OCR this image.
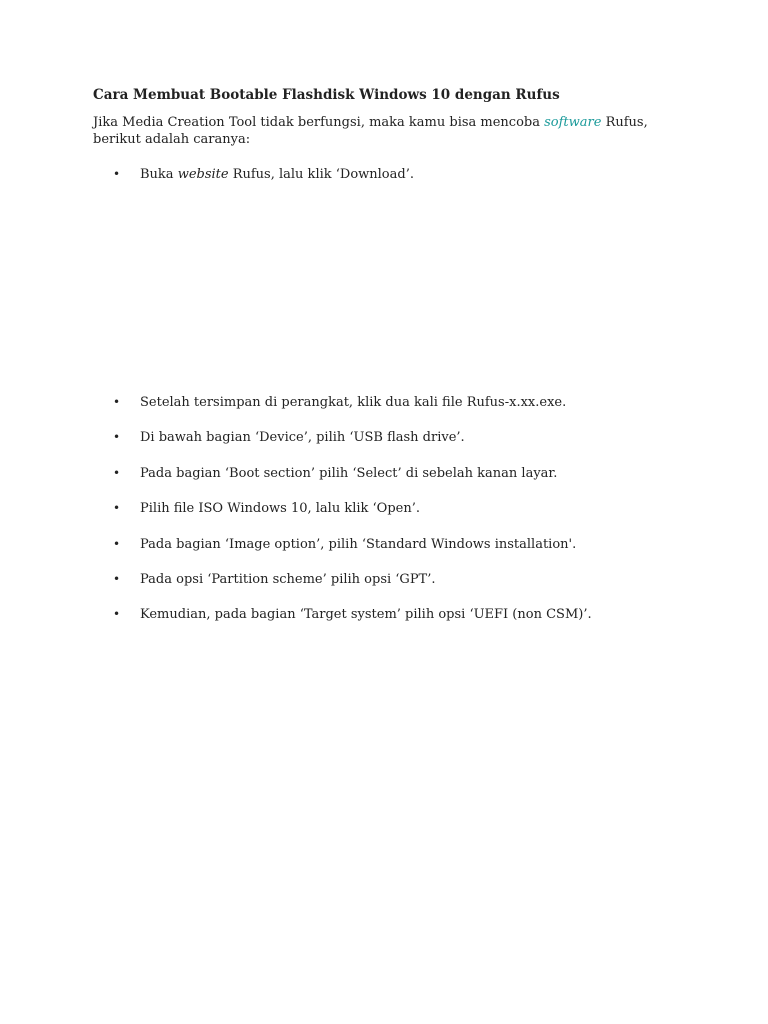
Cara Membuat Bootable Flashdisk Windows 10 dengan Rufus
Jika Media Creation Tool tidak berfungsi, maka kamu bisa mencoba software Rufus, berikut adalah caranya:
• Buka website Rufus, lalu klik ‘Download’.
• Setelah tersimpan di perangkat, klik dua kali file Rufus-x.xx.exe.
• Di bawah bagian ‘Device’, pilih ‘USB flash drive’.
• Pada bagian ‘Boot section’ pilih ‘Select’ di sebelah kanan layar.
• Pilih file ISO Windows 10, lalu klik ‘Open’.
• Pada bagian ‘Image option’, pilih ‘Standard Windows installation'.
• Pada opsi ‘Partition scheme’ pilih opsi ‘GPT’.
• Kemudian, pada bagian ‘Target system’ pilih opsi ‘UEFI (non CSM)’.
